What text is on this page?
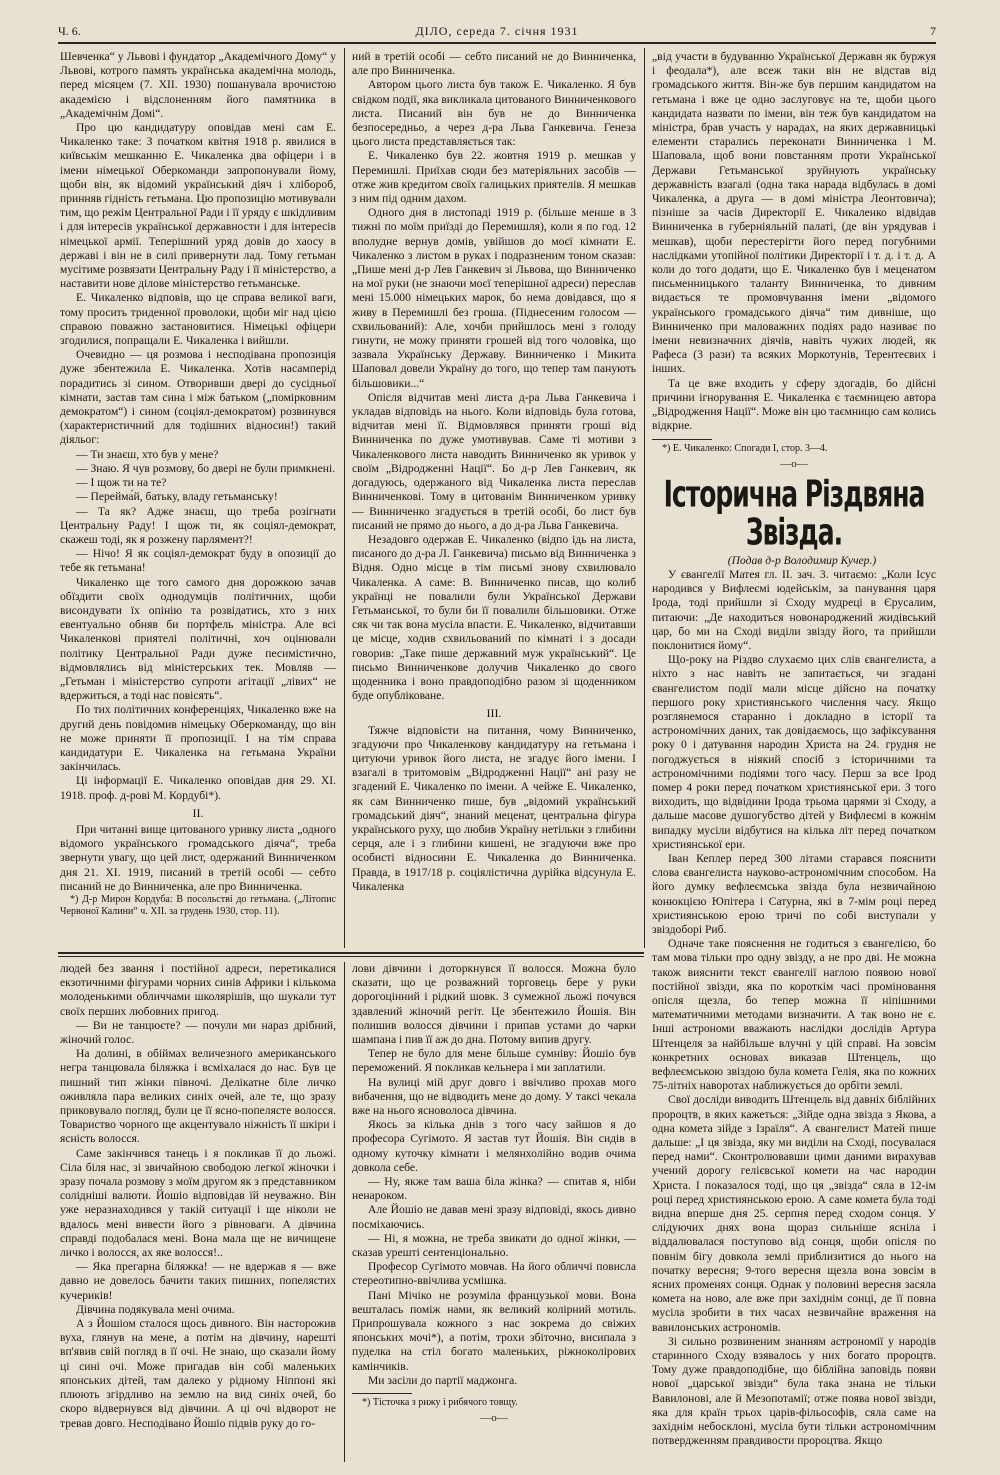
Ч. 6.	ДІЛО, середа 7. січня 1931	7

Шевченка“ у Львові і фундатор „Академічного Дому“ у Львові, котрого память українська академічна молодь, перед місяцем (7. XII. 1930) пошанувала врочистою академією і відслоненням його памятника в „Академічнім Домі“.

Про цю кандидатуру оповідав мені сам Е. Чикаленко таке: З початком квітня 1918 р. явилися в київськім мешканню Е. Чикаленка два офіцери і в імени німецької Оберкоманди запропонували йому, щоби він, як відомий український діяч і хлібороб, принняв гідність гетьмана. Цю пропозицію мотивували тим, що режім Центральної Ради і її уряду є шкідливим і для інтересів української державности і для інтересів німецької армії. Теперішний уряд довів до хаосу в державі і він не в силі привернути лад. Тому гетьман мусітиме розвязати Центральну Раду і її міністерство, а наставити нове ділове міністерство гетьманське.

Е. Чикаленко відповів, що це справа великої ваги, тому просить триденної проволоки, щоби міг над цією справою поважно застановитися. Німецькі офіцери згодилися, попращали Е. Чикаленка і вийшли.

Очевидно — ця розмова і несподівана пропозиція дуже збентежила Е. Чикаленка. Хотів насамперід порадитись зі сином. Отворивши двері до сусідньої кімнати, застав там сина і між батьком („помірковним демократом“) і сином (соціял-демократом) розвинувся (характеристичний для тодішних відносин!) такий діяльог:

— Ти знаєш, хто був у мене?

— Знаю. Я чув розмову, бо двері не були примкнені.

— І щож ти на те?

— Перейма́й, батьку, владу гетьманську!

— Та як? Адже знаєш, що треба розігнати Центральну Раду! І щож ти, як соціял-демократ, скажеш тоді, як я розжену парлямент?!

— Нічо! Я як соціял-демократ буду в опозиції до тебе як гетьмана!

Чикаленко ще того самого дня дорожкою зачав обїздити своїх однодумців політичних, щоби висондувати їх опінію та розвідатись, хто з них евентуально обняв би портфель міністра. Але всі Чикаленкові приятелі політичні, хоч оцінювали політику Центральної Ради дуже песимістично, відмовлялись від міністерських тек. Мовляв — „Гетьман і міністерство супроти агітації „лівих“ не вдержиться, а тоді нас повісять“.

По тих політичних конференціях, Чикаленко вже на другий день повідомив німецьку Оберкоманду, що він не може приняти її пропозиції. І на тім справа кандидатури Е. Чикаленка на гетьмана України закінчилась.

Ці інформації Е. Чикаленко оповідав дня 29. XI. 1918. проф. д-рові М. Кордубі*).

II.

При читанні вище цитованого уривку листа „одного відомого українського громадського діяча“, треба звернути увагу, що цей лист, одержаний Винниченком дня 21. XI. 1919, писаний в третій особі — себто писаний не до Винниченка, але про Винниченка.

*) Д-р Мирон Кордуба: В посольстві до гетьмана. („Літопис Червоної Калини“ ч. XII. за грудень 1930, стор. 11).

ний в третій особі — себто писаний не до Винниченка, але про Винниченка.

Автором цього листа був також Е. Чикаленко. Я був свідком події, яка викликала цитованого Винниченкового листа. Писаний він був не до Винниченка безпосередньо, а через д-ра Льва Ганкевича. Генеза цього листа представляється так:

Е. Чикаленко був 22. жовтня 1919 р. мешкав у Перемишлі. Приїхав сюди без матеріяльних засобів — отже жив кредитом своїх галицьких приятелів. Я мешкав з ним під одним дахом.

Одного дня в листопаді 1919 р. (більше менше в 3 тижні по моїм приїзді до Перемишля), коли я по год. 12 вполудне вернув домів, увійшов до моєї кімнати Е. Чикаленко з листом в руках і подразненим тоном сказав: „Пише мені д-р Лев Ганкевич зі Львова, що Винниченко на мої руки (не знаючи моєї теперішної адреси) переслав мені 15.000 німецьких марок, бо нема довідався, що я живу в Перемишлі без гроша. (Піднесеним голосом — схвильований): Але, хочби прийшлось мені з голоду гинути, не можу приняти грошей від того чоловіка, що зазвала Українську Державу. Винниченко і Микита Шаповал довели Україну до того, що тепер там панують більшовики...“

Опісля відчитав мені листа д-ра Льва Ганкевича і укладав відповідь на нього. Коли відповідь була готова, відчитав мені її. Відмовлявся приняти гроші від Винниченка по дуже умотивував. Саме ті мотиви з Чикаленкового листа наводить Винниченко як уривок у своїм „Відродженні Нації“. Бо д-р Лев Ганкевич, як догадуюсь, одержаного від Чикаленка листа переслав Винниченкові. Тому в цитованім Винниченком уривку — Винниченко згадується в третій особі, бо лист був писаний не прямо до нього, а до д-ра Льва Ганкевича.

Незадовго одержав Е. Чикаленко (відпо ідь на листа, писаного до д-ра Л. Ганкевича) письмо від Винниченка з Відня. Одно місце в тім письмі знову схвилювало Чикаленка. А саме: В. Винниченко писав, що колиб українці не повалили були Української Держави Гетьманської, то були би її повалили більшовики. Отже сяк чи так вона мусіла впасти. Е. Чикаленко, відчитавши це місце, ходив схвильований по кімнаті і з досади говорив: „Таке пише державний муж український“. Це письмо Винниченкове долучив Чикаленко до свого щоденника і воно правдоподібно разом зі щоденником буде опубліковане.

III.

Тяжче відповісти на питання, чому Винниченко, згадуючи про Чикаленкову кандидатуру на гетьмана і цитуючи уривок його листа, не згадує його імени. І взагалі в тритомовім „Відродженні Нації“ ані разу не згадений Е. Чикаленко по імени. А чейже Е. Чикаленко, як сам Винниченко пише, був „відомий український громадський діяч“, знаний меценат, центральна фігура українського руху, що любив Україну нетільки з глибини серця, але і з глибини кишені, не згадуючи вже про особисті відносини Е. Чикаленка до Винниченка. Правда, в 1917/18 р. соціялістична дурійка відсунула Е. Чикаленка

„від участи в будуванню Української Державн як буржуя і феодала*), але всеж таки він не відстав від громадського життя. Він-же був першим кандидатом на гетьмана і вже це одно заслуговує на те, щоби цього кандидата назвати по імени, він теж був кандидатом на міністра, брав участь у нарадах, на яких державницькі елементи старались переконати Винниченка і М. Шаповала, щоб вони повстанням проти Української Держави Гетьманської зруйнують українську державність взагалі (одна така нарада відбулась в домі Чикаленка, а друга — в домі міністра Леонтовича); пізніше за часів Директорії Е. Чикаленко відвідав Винниченка в губерніяльній палаті, (де він урядував і мешкав), щоби перестерігти його перед погубними наслідками утопійної політики Директорії і т. д. і т. д. А коли до того додати, що Е. Чикаленко був і меценатом письменницького таланту Винниченка, то дивним видається те промовчування імени „відомого українського громадського діяча“ тим дивніше, що Винниченко при маловажних подіях радо називає по імени невизначних діячів, навіть чужих людей, як Рафеса (3 рази) та всяких Моркотунів, Терентеєвих і інших.

Та це вже входить у сферу здогадів, бо дійсні причини ігнорування Е. Чикаленка є таємницею автора „Відродження Нації“. Може він цю таємницю сам колись відкрие.

*) Е. Чикаленко: Спогади I, стор. 3—4.

—o—

Історична Різдвяна Звізда.

(Подав д-р Володимир Кучер.)

У євангелії Матея гл. II. зач. 3. читаємо: „Коли Ісус народився у Вифлеємі юдейськім, за панування царя Ірода, тоді прийшли зі Сходу мудреці в Єрусалим, питаючи: „Де находиться новонароджений жидівський цар, бо ми на Сході виділи звізду його, та прийшли поклонитися йому“.

Що-року на Різдво слухаємо цих слів євангелиста, а ніхто з нас навіть не запитається, чи згадані євангелистом події мали місце дійсно на початку першого року християнського числення часу. Якщо розглянемося старанно і докладно в історії та астрономічних даних, так довідаємось, що зафіксування року 0 і датування народин Христа на 24. грудня не погоджується в ніякий спосіб з історичними та астрономічними подіями того часу. Перш за все Ірод помер 4 роки перед початком християнської ери. З того виходить, що відвідини Ірода трьома царями зі Сходу, а дальше масове душогубство дітей у Вифлеємі в кожнім випадку мусіли відбутися на кілька літ перед початком християнської ери.

Іван Кеплер перед 300 літами старався пояснити слова євангелиста науково-астрономічним способом. На його думку вефлеємська звізда була незвичайною конюкцією Юпітера і Сатурна, які в 7-мім році перед християнською ерою тричі по собі виступали у звіздоборі Риб.

Одначе таке пояснення не годиться з євангелією, бо там мова тільки про одну звізду, а не про дві. Не можна також вияснити текст євангелії наглою появою нової постійної звізди, яка по короткім часі проміновання опісля щезла, бо тепер можна її ніпішними математичними методами визначити. А так воно не є. Інші астрономи вважають наслідки дослідів Артура Штенцеля за найбільше влучні у цій справі. На зовсім конкретних основах виказав Штенцель, що вефлеємською звіздою була комета Гелія, яка по кожних 75-літніх наворотах наближується до орбіти землі.

Свої досліди виводить Штенцель від давніх біблійних пророцтв, в яких кажеться: „Зійде одна звізда з Якова, а одна комета зійде з Ізраїля“. А євангелист Матей пише дальше: „І ця звізда, яку ми виділи на Сході, посувалася перед нами“. Сконтролювавши цими даними вирахував учений дорогу гелієвської комети на час народин Христа. І показалося тоді, що ця „звізда“ сяла в 12-ім році перед християнською ерою. А саме комета була тоді видна вперше дня 25. серпня перед сходом сонця. У слідуючих днях вона щораз сильніше ясніла і віддалювалася поступово від сонця, щоби опісля по повнім бігу довкола землі приблизитися до нього на початку вересня; 9-того вересня щезла вона зовсім в ясних променях сонця. Однак у половині вересня засяла комета на ново, але вже при західнім сонці, де її повна мусіла зробити в тих часах незвичайне враження на вавилонських астрономів.

Зі сильно розвиненим знанням астрономії у народів старинного Сходу взявалось у них богато пророцтв. Тому дуже правдоподібне, що біблійна заповідь появи нової „царської звізди“ була така знана не тільки Вавилонові, але й Мезопотамії; отже поява нової звізди, яка для країн трьох царів-фільософів, сяла саме на західнім небосклоні, мусіла бути тільки астрономічним потвердженням правдивости пророцтва. Якщо

людей без звання і постійної адреси, перетикалися екзотичними фігурами чорних синів Африки і кількома молоденькими обличчами школярішів, що шукали тут своїх перших любовних пригод.

— Ви не танцюєте? — почули ми нараз дрібний, жіночий голос.

На долині, в обіймах величезного американського негра танцювала біляжка і всміхалася до нас. Був це пишний тип жінки півночі. Делікатне біле личко оживляла пара великих синіх очей, але те, що зразу приковувало погляд, були це її ясно-попелясте волосся. Товариство чорного ще акцентувало ніжність її шкіри і ясність волосся.

Саме закінчився танець і я покликав її до льожі. Сіла біля нас, зі звичайною свободою легкої жіночки і зразу почала розмову з моїм другом як з представником солідніші валюти. Йошіо відповідав їй неуважно. Він уже неразнаходився у такій ситуації і ще ніколи не вдалось мені вивести його з рівноваги. А дівчина справді подобалася мені. Вона мала ще не вичищене личко і волосся, ах яке волосся!..

— Яка прегарна біляжка! — не вдержав я — вже давно не довелось бачити таких пишних, попелястих кучериків!

Дівчина подякувала мені очима.

А з Йошіом сталося щось дивного. Він насторожив вуха, глянув на мене, а потім на дівчину, нарешті вп'явив свій погляд в її очі. Не знаю, що сказали йому ці сині очі. Може пригадав він собі маленьких японських дітей, там далеко у рідному Ніппоні які плюють згірдливо на землю на вид синіх очей, бо скоро відвернувся від дівчини. А ці очі відворот не тревав довго. Несподівано Йошіо підвів руку до го-

лови дівчини і доторкнувся її волосся. Можна було сказати, що це розважний торговець бере у руки дорогоцінний і рідкий шовк. З сумежної льожі почувся здавлений жіночий регіт. Це збентежило Йошія. Він полишив волосся дівчини і припав устами до чарки шампана і пив її аж до дна. Потому випив другу.

Тепер не було для мене більше сумніву: Йошіо був переможений. Я покликав кельнера і ми заплатили.

На вулиці мій друг довго і ввічливо прохав мого вибачення, що не відводить мене до дому. У таксі чекала вже на нього ясноволоса дівчина.

Якось за кілька днів з того часу зайшов я до професора Сугімото. Я застав тут Йошія. Він сидів в одному куточку кімнати і мелянхолійно водив очима довкола себе.

— Ну, якже там ваша біла жінка? — спитав я, ніби ненароком.

Але Йошіо не давав мені зразу відповіді, якось дивно посміхаючись.

— Ні, я можна, не треба звикати до одної жінки, — сказав урешті сентенціонально.

Професор Сугімото мовчав. На його обличчі повисла стереотипно-ввічлива усмішка.

Пані Мічіко не розуміла французької мови. Вона вешталась поміж нами, як великий колірний мотиль. Припрошувала кожного з нас зокрема до свіжих японських мочі*), а потім, трохи збіточно, висипала з пуделка на стіл богато маленьких, ріжноколірових камінчиків.

Ми засіли до партії маджонга.

*) Тісточка з рижу і рибячого товщу.

—o—
